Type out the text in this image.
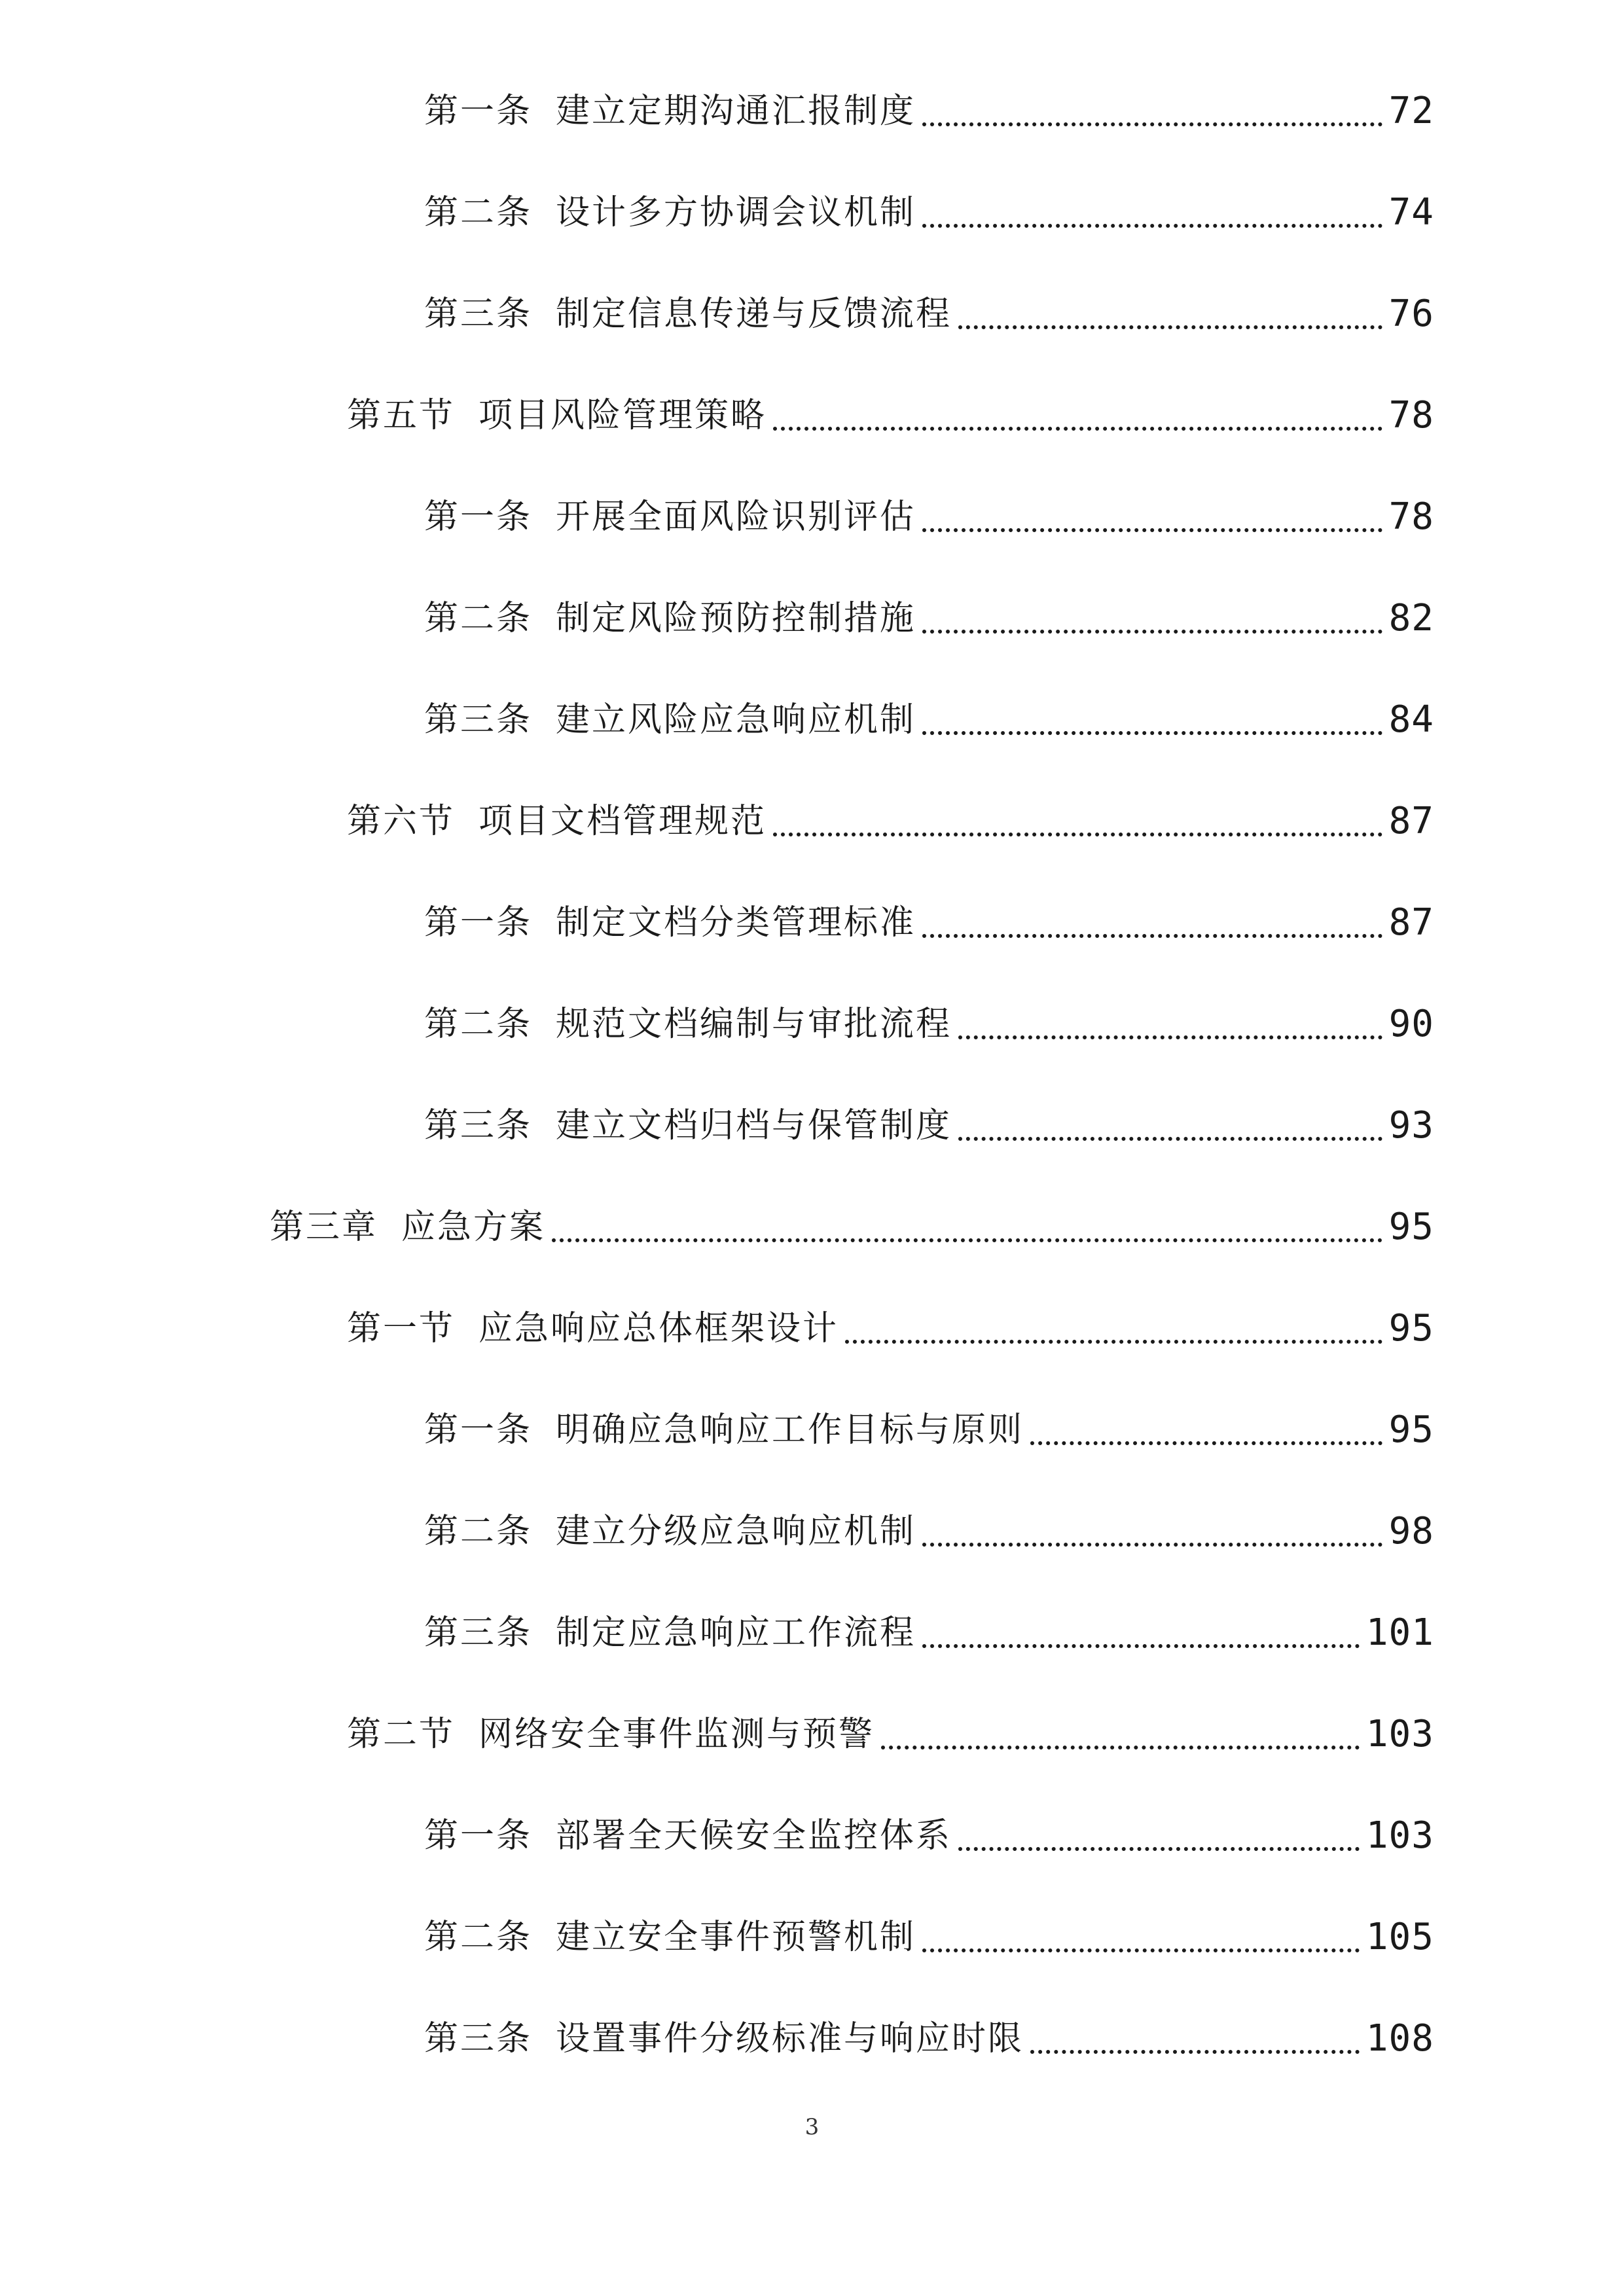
第一条 建立定期沟通汇报制度	72
第二条 设计多方协调会议机制	74
第三条 制定信息传递与反馈流程	76
第五节 项目风险管理策略	78
第一条 开展全面风险识别评估	78
第二条 制定风险预防控制措施	82
第三条 建立风险应急响应机制	84
第六节 项目文档管理规范	87
第一条 制定文档分类管理标准	87
第二条 规范文档编制与审批流程	90
第三条 建立文档归档与保管制度	93
第三章 应急方案	95
第一节 应急响应总体框架设计	95
第一条 明确应急响应工作目标与原则	95
第二条 建立分级应急响应机制	98
第三条 制定应急响应工作流程	101
第二节 网络安全事件监测与预警	103
第一条 部署全天候安全监控体系	103
第二条 建立安全事件预警机制	105
第三条 设置事件分级标准与响应时限	108
3
